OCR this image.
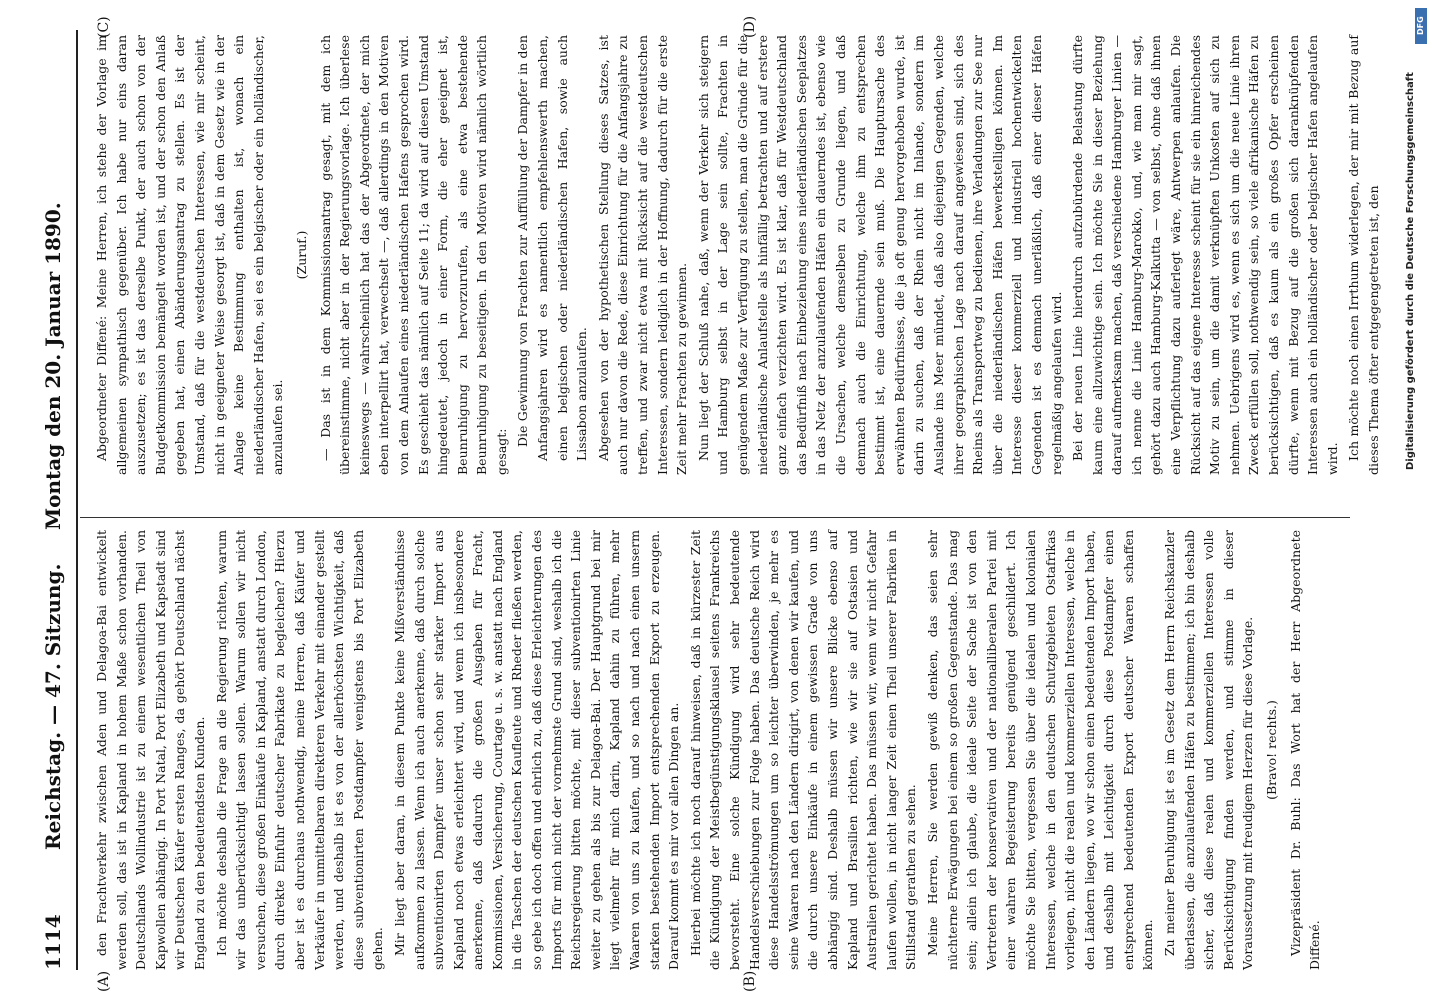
1114
Reichstag. — 47. Sitzung.
Montag den 20. Januar 1890.
(A)	(B)
(C)	(D)

den Frachtverkehr zwischen Aden und Delagoa-Bai entwickelt werden soll, das ist in Kapland in hohem Maße schon vorhanden. Deutschlands Wollindustrie ist zu einem wesentlichen Theil von Kapwollen abhängig. In Port Natal, Port Elizabeth und Kapstadt sind wir Deutschen Käufer ersten Ranges, da gehört Deutschland nächst England zu den bedeutendsten Kunden. Ich möchte deshalb die Frage an die Regierung richten, warum wir das unberücksichtigt lassen sollen. Warum sollen wir nicht versuchen, diese großen Einkäufe in Kapland, anstatt durch London, durch direkte Einfuhr deutscher Fabrikate zu begleichen? Hierzu aber ist es durchaus nothwendig, meine Herren, daß Käufer und Verkäufer in unmittelbaren direkteren Verkehr mit einander gestellt werden, und deshalb ist es von der allerhöchsten Wichtigkeit, daß diese subventionirten Postdampfer wenigstens bis Port Elizabeth gehen. Mir liegt aber daran, in diesem Punkte keine Mißverständnisse aufkommen zu lassen. Wenn ich auch anerkenne, daß durch solche subventionirten Dampfer unser schon sehr starker Import aus Kapland noch etwas erleichtert wird, und wenn ich insbesondere anerkenne, daß dadurch die großen Ausgaben für Fracht, Kommissionen, Versicherung, Courtage u. s. w. anstatt nach England in die Taschen der deutschen Kaufleute und Rheder fließen werden, so gebe ich doch offen und ehrlich zu, daß diese Erleichterungen des Imports für mich nicht der vornehmste Grund sind, weshalb ich die Reichsregierung bitten möchte, mit dieser subventionirten Linie weiter zu gehen als bis zur Delagoa-Bai. Der Hauptgrund bei mir liegt vielmehr für mich darin, Kapland dahin zu führen, mehr Waaren von uns zu kaufen, und so nach und nach einen unserm starken bestehenden Import entsprechenden Export zu erzeugen. Darauf kommt es mir vor allen Dingen an. Hierbei möchte ich noch darauf hinweisen, daß in kürzester Zeit die Kündigung der Meistbegünstigungsklausel seitens Frankreichs bevorsteht. Eine solche Kündigung wird sehr bedeutende Handelsverschiebungen zur Folge haben. Das deutsche Reich wird diese Handelsströmungen um so leichter überwinden, je mehr es seine Waaren nach den Ländern dirigirt, von denen wir kaufen, und die durch unsere Einkäufe in einem gewissen Grade von uns abhängig sind. Deshalb müssen wir unsere Blicke ebenso auf Kapland und Brasilien richten, wie wir sie auf Ostasien und Australien gerichtet haben. Das müssen wir, wenn wir nicht Gefahr laufen wollen, in nicht langer Zeit einen Theil unserer Fabriken in Stillstand gerathen zu sehen. Meine Herren, Sie werden gewiß denken, das seien sehr nüchterne Erwägungen bei einem so großen Gegenstande. Das mag sein; allein ich glaube, die ideale Seite der Sache ist von den Vertretern der konservativen und der nationalliberalen Partei mit einer wahren Begeisterung bereits genügend geschildert. Ich möchte Sie bitten, vergessen Sie über die idealen und kolonialen Interessen, welche in den deutschen Schutzgebieten Ostafrikas vorliegen, nicht die realen und kommerziellen Interessen, welche in den Ländern liegen, wo wir schon einen bedeutenden Import haben, und deshalb mit Leichtigkeit durch diese Postdampfer einen entsprechend bedeutenden Export deutscher Waaren schaffen können. Zu meiner Beruhigung ist es im Gesetz dem Herrn Reichskanzler überlassen, die anzulaufenden Häfen zu bestimmen; ich bin deshalb sicher, daß diese realen und kommerziellen Interessen volle Berücksichtigung finden werden, und stimme in dieser Voraussetzung mit freudigem Herzen für diese Vorlage. (Bravo! rechts.) Vizepräsident Dr. Buhl: Das Wort hat der Herr Abgeordnete Diffené.

Abgeordneter Diffené: Meine Herren, ich stehe der Vorlage im allgemeinen sympathisch gegenüber. Ich habe nur eins daran auszusetzen; es ist das derselbe Punkt, der auch schon von der Budgetkommission bemängelt worden ist, und der schon den Anlaß gegeben hat, einen Abänderungsantrag zu stellen. Es ist der Umstand, daß für die westdeutschen Interessen, wie mir scheint, nicht in geeigneter Weise gesorgt ist, daß in dem Gesetz wie in der Anlage keine Bestimmung enthalten ist, wonach ein niederländischer Hafen, sei es ein belgischer oder ein holländischer, anzulaufen sei.

(Zuruf.) — Das ist in dem Kommissionsantrag gesagt, mit dem ich übereinstimme, nicht aber in der Regierungsvorlage. Ich überlese keineswegs — wahrscheinlich hat das der Abgeordnete, der mich eben interpellirt hat, verwechselt —, daß allerdings in den Motiven von dem Anlaufen eines niederländischen Hafens gesprochen wird. Es geschieht das nämlich auf Seite 11; da wird auf diesen Umstand hingedeutet, jedoch in einer Form, die eher geeignet ist, Beunruhigung zu hervorzurufen, als eine etwa bestehende Beunruhigung zu beseitigen. In den Motiven wird nämlich wörtlich gesagt:

Die Gewinnung von Frachten zur Auffüllung der Dampfer in den Anfangsjahren wird es namentlich empfehlenswerth machen, einen belgischen oder niederländischen Hafen, sowie auch Lissabon anzulaufen. Abgesehen von der hypothetischen Stellung dieses Satzes, ist auch nur davon die Rede, diese Einrichtung für die Anfangsjahre zu treffen, und zwar nicht etwa mit Rücksicht auf die westdeutschen Interessen, sondern lediglich in der Hoffnung, dadurch für die erste Zeit mehr Frachten zu gewinnen. Nun liegt der Schluß nahe, daß, wenn der Verkehr sich steigern und Hamburg selbst in der Lage sein sollte, Frachten in genügendem Maße zur Verfügung zu stellen, man die Gründe für die niederländische Anlaufstelle als hinfällig betrachten und auf erstere ganz einfach verzichten wird. Es ist klar, daß für Westdeutschland das Bedürfniß nach Einbeziehung eines niederländischen Seeplatzes in das Netz der anzulaufenden Häfen ein dauerndes ist, ebenso wie die Ursachen, welche demselben zu Grunde liegen, und daß demnach auch die Einrichtung, welche ihm zu entsprechen bestimmt ist, eine dauernde sein muß. Die Hauptursache des erwähnten Bedürfnisses, die ja oft genug hervorgehoben wurde, ist darin zu suchen, daß der Rhein nicht im Inlande, sondern im Auslande ins Meer mündet, daß also diejenigen Gegenden, welche ihrer geographischen Lage nach darauf angewiesen sind, sich des Rheins als Transportweg zu bedienen, ihre Verladungen zur See nur über die niederländischen Häfen bewerkstelligen können. Im Interesse dieser kommerziell und industriell hochentwickelten Gegenden ist es demnach unerläßlich, daß einer dieser Häfen regelmäßig angelaufen wird. Bei der neuen Linie hierdurch aufzubürdende Belastung dürfte kaum eine allzuwichtige sein. Ich möchte Sie in dieser Beziehung darauf aufmerksam machen, daß verschiedene Hamburger Linien — ich nenne die Linie Hamburg-Marokko, und, wie man mir sagt, gehört dazu auch Hamburg-Kalkutta — von selbst, ohne daß ihnen eine Verpflichtung dazu auferlegt wäre, Antwerpen anlaufen. Die Rücksicht auf das eigene Interesse scheint für sie ein hinreichendes Motiv zu sein, um die damit verknüpften Unkosten auf sich zu nehmen. Uebrigens wird es, wenn es sich um die neue Linie ihren Zweck erfüllen soll, nothwendig sein, so viele afrikanische Häfen zu berücksichtigen, daß es kaum als ein großes Opfer erscheinen dürfte, wenn mit Bezug auf die großen sich daranknüpfenden Interessen auch ein holländischer oder belgischer Hafen angelaufen wird. Ich möchte noch einen Irrthum widerlegen, der mir mit Bezug auf dieses Thema öfter entgegengetreten ist, den

DFG
Digitalisierung gefördert durch die Deutsche Forschungsgemeinschaft
